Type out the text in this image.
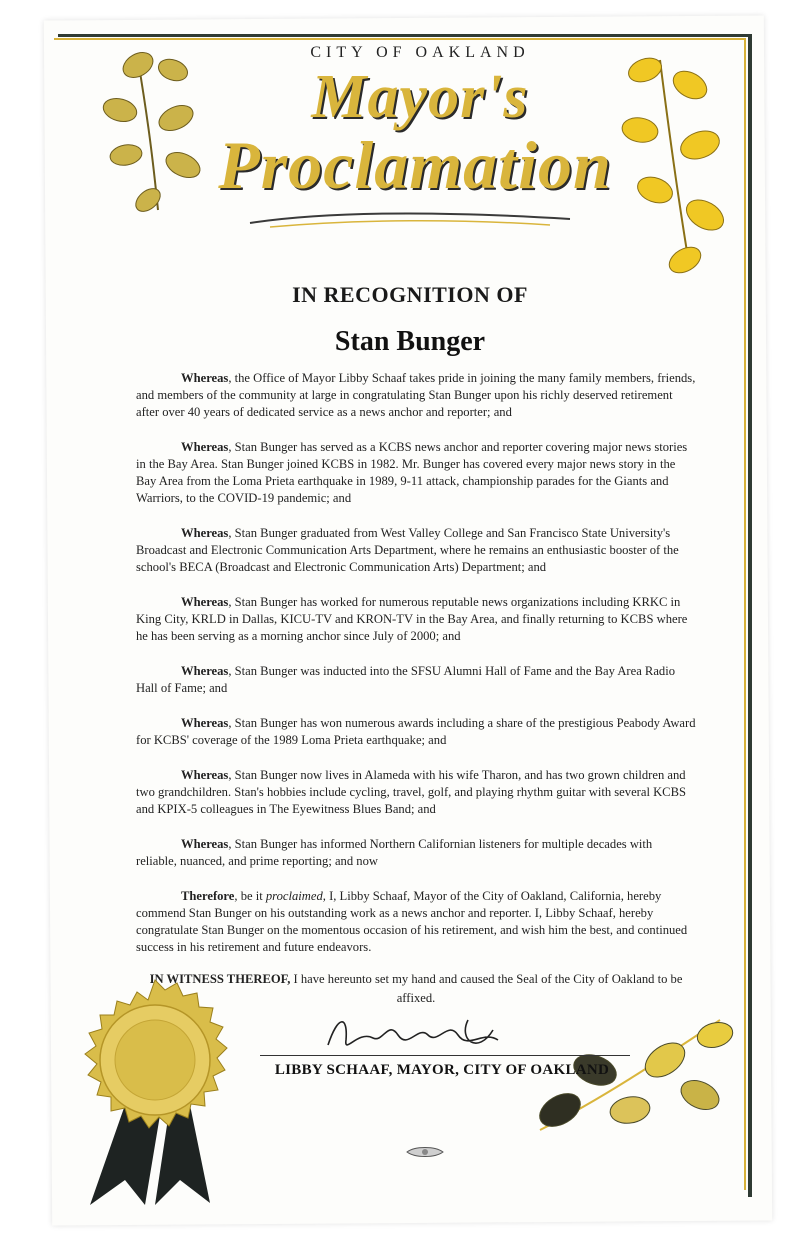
CITY OF OAKLAND
Mayor's
Proclamation
IN RECOGNITION OF
Stan Bunger

Whereas, the Office of Mayor Libby Schaaf takes pride in joining the many family members, friends, and members of the community at large in congratulating Stan Bunger upon his richly deserved retirement after over 40 years of dedicated service as a news anchor and reporter; and

Whereas, Stan Bunger has served as a KCBS news anchor and reporter covering major news stories in the Bay Area. Stan Bunger joined KCBS in 1982. Mr. Bunger has covered every major news story in the Bay Area from the Loma Prieta earthquake in 1989, 9-11 attack, championship parades for the Giants and Warriors, to the COVID-19 pandemic; and

Whereas, Stan Bunger graduated from West Valley College and San Francisco State University's Broadcast and Electronic Communication Arts Department, where he remains an enthusiastic booster of the school's BECA (Broadcast and Electronic Communication Arts) Department; and

Whereas, Stan Bunger has worked for numerous reputable news organizations including KRKC in King City, KRLD in Dallas, KICU-TV and KRON-TV in the Bay Area, and finally returning to KCBS where he has been serving as a morning anchor since July of 2000; and

Whereas, Stan Bunger was inducted into the SFSU Alumni Hall of Fame and the Bay Area Radio Hall of Fame; and

Whereas, Stan Bunger has won numerous awards including a share of the prestigious Peabody Award for KCBS' coverage of the 1989 Loma Prieta earthquake; and

Whereas, Stan Bunger now lives in Alameda with his wife Tharon, and has two grown children and two grandchildren. Stan's hobbies include cycling, travel, golf, and playing rhythm guitar with several KCBS and KPIX-5 colleagues in The Eyewitness Blues Band; and

Whereas, Stan Bunger has informed Northern Californian listeners for multiple decades with reliable, nuanced, and prime reporting; and now

Therefore, be it proclaimed, I, Libby Schaaf, Mayor of the City of Oakland, California, hereby commend Stan Bunger on his outstanding work as a news anchor and reporter. I, Libby Schaaf, hereby congratulate Stan Bunger on the momentous occasion of his retirement, and wish him the best, and continued success in his retirement and future endeavors.

IN WITNESS THEREOF, I have hereunto set my hand and caused the Seal of the City of Oakland to be affixed.
LIBBY SCHAAF, MAYOR, CITY OF OAKLAND
